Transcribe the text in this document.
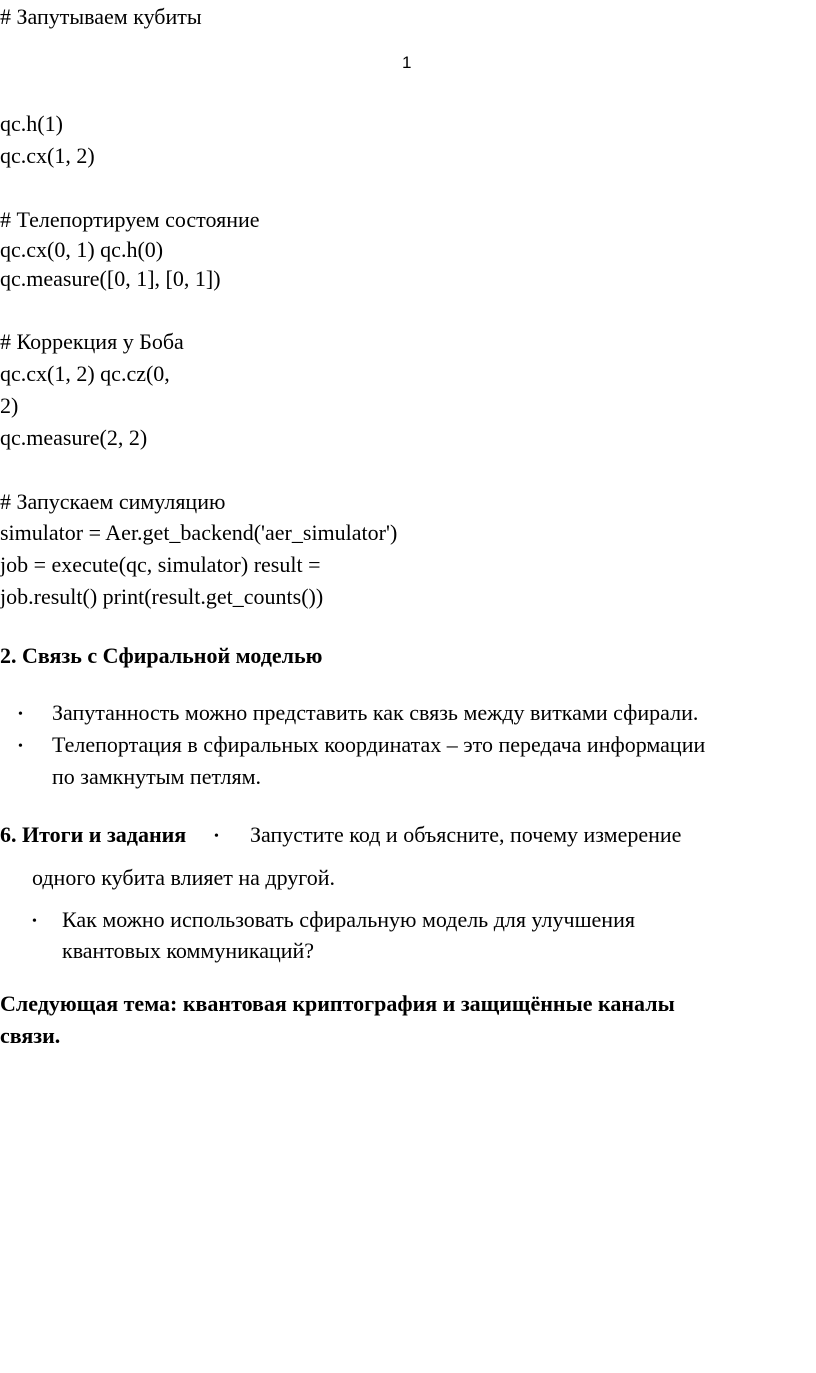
# Запутываем кубиты
1
qc.h(1)
qc.cx(1, 2)
# Телепортируем состояние
qc.cx(0, 1) qc.h(0)
qc.measure([0, 1], [0, 1])
# Коррекция у Боба
qc.cx(1, 2) qc.cz(0,
2)
qc.measure(2, 2)
# Запускаем симуляцию
simulator = Aer.get_backend('aer_simulator')
job = execute(qc, simulator) result =
job.result() print(result.get_counts())
2. Связь с Сфиральной моделью
• Запутанность можно представить как связь между витками сфирали.
• Телепортация в сфиральных координатах – это передача информации
по замкнутым петлям.
6. Итоги и задания • Запустите код и объясните, почему измерение
одного кубита влияет на другой.
• Как можно использовать сфиральную модель для улучшения
квантовых коммуникаций?
Следующая тема: квантовая криптография и защищённые каналы
связи.
